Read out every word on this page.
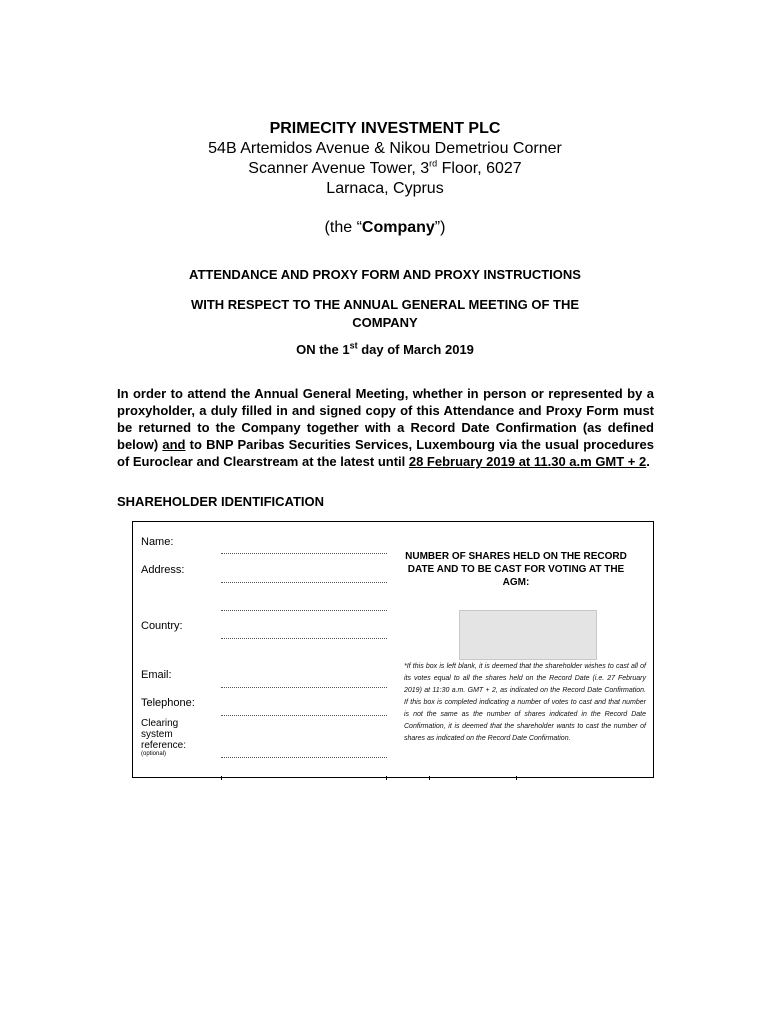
PRIMECITY INVESTMENT PLC
54B Artemidos Avenue & Nikou Demetriou Corner
Scanner Avenue Tower, 3rd Floor, 6027
Larnaca, Cyprus
(the “Company”)
ATTENDANCE AND PROXY FORM AND PROXY INSTRUCTIONS
WITH RESPECT TO THE ANNUAL GENERAL MEETING OF THE
COMPANY
ON the 1st day of March 2019
In order to attend the Annual General Meeting, whether in person or represented by a proxyholder, a duly filled in and signed copy of this Attendance and Proxy Form must be returned to the Company together with a Record Date Confirmation (as defined below) and to BNP Paribas Securities Services, Luxembourg via the usual procedures of Euroclear and Clearstream at the latest until 28 February 2019 at 11.30 a.m GMT + 2.
SHAREHOLDER IDENTIFICATION
Name:
Address:
Country:
Email:
Telephone:
Clearing
system
reference:
(optional)
NUMBER OF SHARES HELD ON THE RECORD DATE AND TO BE CAST FOR VOTING AT THE AGM:
*If this box is left blank, it is deemed that the shareholder wishes to cast all of its votes equal to all the shares held on the Record Date (i.e. 27 February 2019) at 11:30 a.m. GMT + 2, as indicated on the Record Date Confirmation. If this box is completed indicating a number of votes to cast and that number is not the same as the number of shares indicated in the Record Date Confirmation, it is deemed that the shareholder wants to cast the number of shares as indicated on the Record Date Confirmation.
